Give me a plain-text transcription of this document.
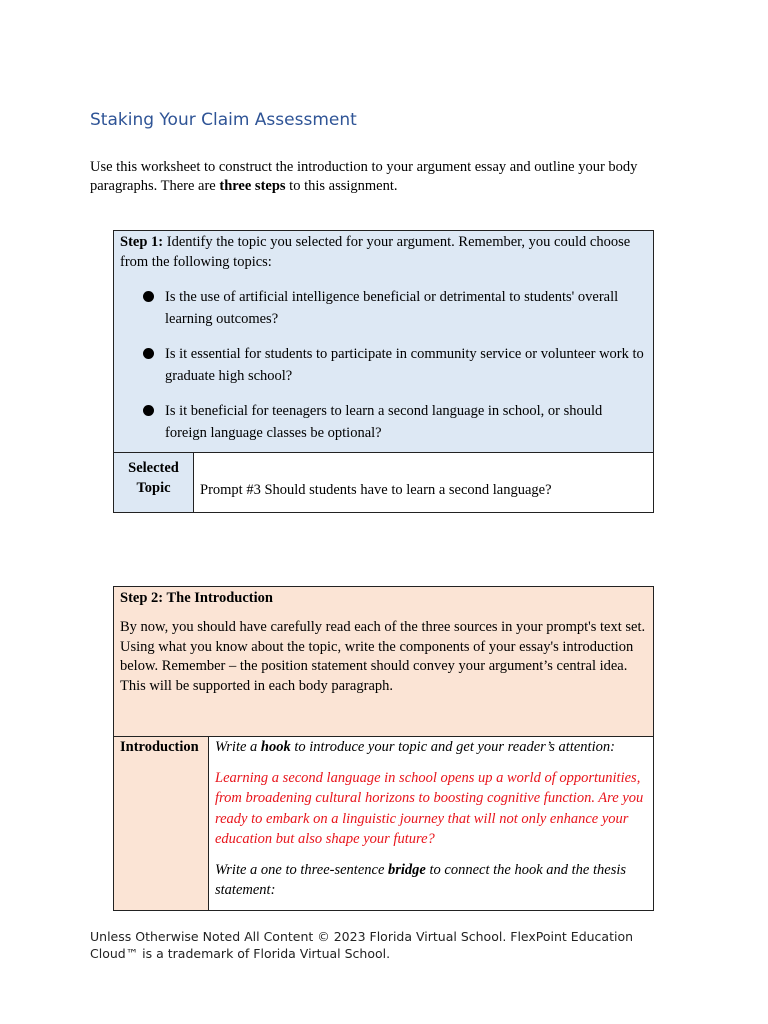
Staking Your Claim Assessment
Use this worksheet to construct the introduction to your argument essay and outline your body paragraphs. There are three steps to this assignment.

Step 1: Identify the topic you selected for your argument. Remember, you could choose from the following topics:

Is the use of artificial intelligence beneficial or detrimental to students' overall learning outcomes?
Is it essential for students to participate in community service or volunteer work to graduate high school?
Is it beneficial for teenagers to learn a second language in school, or should foreign language classes be optional?
Selected Topic	Prompt #3 Should students have to learn a second language?
Step 2: The Introduction

By now, you should have carefully read each of the three sources in your prompt's text set. Using what you know about the topic, write the components of your essay's introduction below. Remember – the position statement should convey your argument’s central idea. This will be supported in each body paragraph.

Introduction	Write a hook to introduce your topic and get your reader’s attention:

Learning a second language in school opens up a world of opportunities, from broadening cultural horizons to boosting cognitive function. Are you ready to embark on a linguistic journey that will not only enhance your education but also shape your future?

Write a one to three-sentence bridge to connect the hook and the thesis statement:

Unless Otherwise Noted All Content © 2023 Florida Virtual School. FlexPoint Education Cloud™ is a trademark of Florida Virtual School.
